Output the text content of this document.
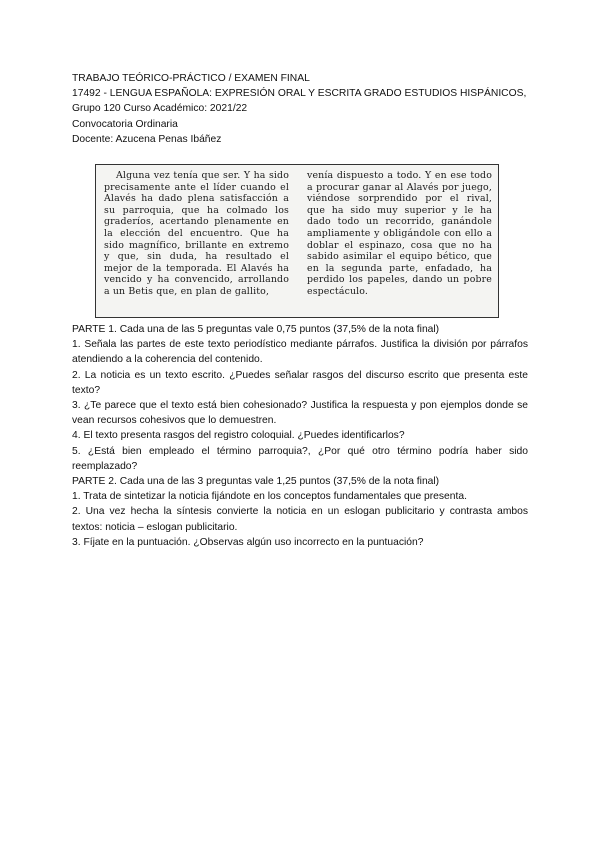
TRABAJO TEÓRICO-PRÁCTICO / EXAMEN FINAL

17492 - LENGUA ESPAÑOLA: EXPRESIÓN ORAL Y ESCRITA GRADO ESTUDIOS HISPÁNICOS,

Grupo 120 Curso Académico: 2021/22

Convocatoria Ordinaria

Docente: Azucena Penas Ibáñez

Alguna vez tenía que ser. Y ha sido precisamente ante el líder cuando el Alavés ha dado plena satisfacción a su parroquia, que ha colmado los graderíos, acertando plenamente en la elección del encuentro. Que ha sido magnífico, brillante en extremo y que, sin duda, ha resultado el mejor de la temporada. El Alavés ha vencido y ha convencido, arrollando a un Betis que, en plan de gallito,

venía dispuesto a todo. Y en ese todo a procurar ganar al Alavés por juego, viéndose sorprendido por el rival, que ha sido muy superior y le ha dado todo un recorrido, ganándole ampliamente y obligándole con ello a doblar el espinazo, cosa que no ha sabido asimilar el equipo bético, que en la segunda parte, enfadado, ha perdido los papeles, dando un pobre espectáculo.

PARTE 1. Cada una de las 5 preguntas vale 0,75 puntos (37,5% de la nota final)

1. Señala las partes de este texto periodístico mediante párrafos. Justifica la división por párrafos atendiendo a la coherencia del contenido.

2. La noticia es un texto escrito. ¿Puedes señalar rasgos del discurso escrito que presenta este texto?

3. ¿Te parece que el texto está bien cohesionado? Justifica la respuesta y pon ejemplos donde se vean recursos cohesivos que lo demuestren.

4. El texto presenta rasgos del registro coloquial. ¿Puedes identificarlos?

5. ¿Está bien empleado el término parroquia?, ¿Por qué otro término podría haber sido reemplazado?

PARTE 2. Cada una de las 3 preguntas vale 1,25 puntos (37,5% de la nota final)

1. Trata de sintetizar la noticia fijándote en los conceptos fundamentales que presenta.

2. Una vez hecha la síntesis convierte la noticia en un eslogan publicitario y contrasta ambos textos: noticia – eslogan publicitario.

3. Fíjate en la puntuación. ¿Observas algún uso incorrecto en la puntuación?
